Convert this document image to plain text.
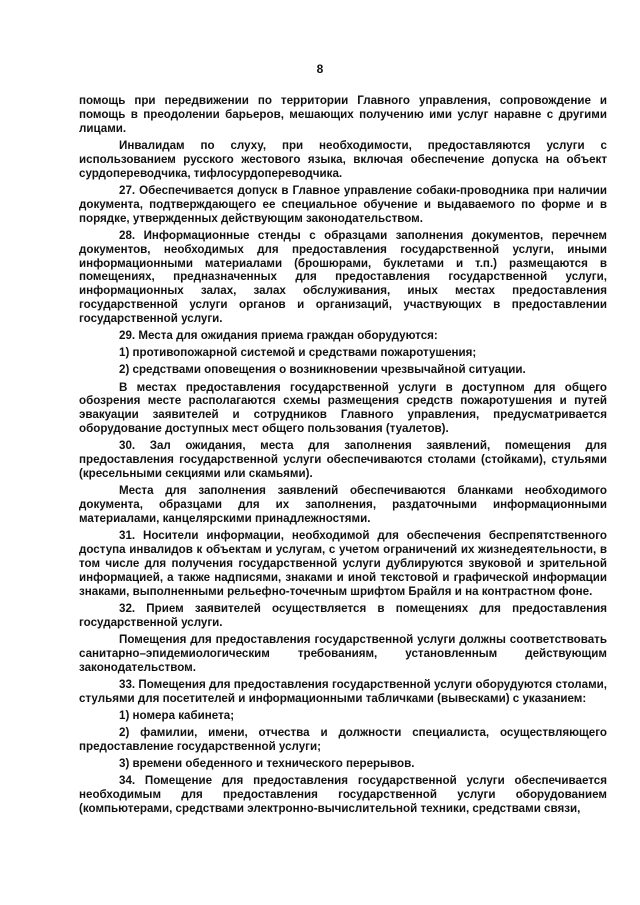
8

помощь при передвижении по территории Главного управления, сопровождение и помощь в преодолении барьеров, мешающих получению ими услуг наравне с другими лицами.

Инвалидам по слуху, при необходимости, предоставляются услуги с использованием русского жестового языка, включая обеспечение допуска на объект сурдопереводчика, тифлосурдопереводчика.

27. Обеспечивается допуск в Главное управление собаки-проводника при наличии документа, подтверждающего ее специальное обучение и выдаваемого по форме и в порядке, утвержденных действующим законодательством.

28. Информационные стенды с образцами заполнения документов, перечнем документов, необходимых для предоставления государственной услуги, иными информационными материалами (брошюрами, буклетами и т.п.) размещаются в помещениях, предназначенных для предоставления государственной услуги, информационных залах, залах обслуживания, иных местах предоставления государственной услуги органов и организаций, участвующих в предоставлении государственной услуги.

29. Места для ожидания приема граждан оборудуются:

1) противопожарной системой и средствами пожаротушения;

2) средствами оповещения о возникновении чрезвычайной ситуации.

В местах предоставления государственной услуги в доступном для общего обозрения месте располагаются схемы размещения средств пожаротушения и путей эвакуации заявителей и сотрудников Главного управления, предусматривается оборудование доступных мест общего пользования (туалетов).

30. Зал ожидания, места для заполнения заявлений, помещения для предоставления государственной услуги обеспечиваются столами (стойками), стульями (кресельными секциями или скамьями).

Места для заполнения заявлений обеспечиваются бланками необходимого документа, образцами для их заполнения, раздаточными информационными материалами, канцелярскими принадлежностями.

31. Носители информации, необходимой для обеспечения беспрепятственного доступа инвалидов к объектам и услугам, с учетом ограничений их жизнедеятельности, в том числе для получения государственной услуги дублируются звуковой и зрительной информацией, а также надписями, знаками и иной текстовой и графической информации знаками, выполненными рельефно-точечным шрифтом Брайля и на контрастном фоне.

32. Прием заявителей осуществляется в помещениях для предоставления государственной услуги.

Помещения для предоставления государственной услуги должны соответствовать санитарно–эпидемиологическим требованиям, установленным действующим законодательством.

33. Помещения для предоставления государственной услуги оборудуются столами, стульями для посетителей и информационными табличками (вывесками) с указанием:

1) номера кабинета;

2) фамилии, имени, отчества и должности специалиста, осуществляющего предоставление государственной услуги;

3) времени обеденного и технического перерывов.

34. Помещение для предоставления государственной услуги обеспечивается необходимым для предоставления государственной услуги оборудованием (компьютерами, средствами электронно-вычислительной техники, средствами связи,
